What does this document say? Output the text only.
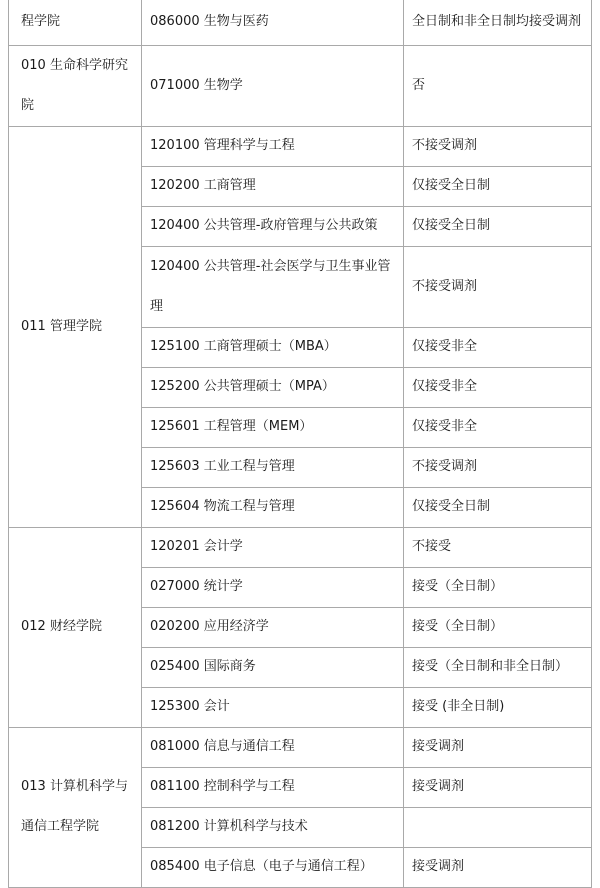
程学院	086000 生物与医药	全日制和非全日制均接受调剂
010 生命科学研究院	071000 生物学	否
011 管理学院	120100 管理科学与工程	不接受调剂
	120200 工商管理	仅接受全日制
	120400 公共管理-政府管理与公共政策	仅接受全日制
	120400 公共管理-社会医学与卫生事业管理	不接受调剂
	125100 工商管理硕士（MBA）	仅接受非全
	125200 公共管理硕士（MPA）	仅接受非全
	125601 工程管理（MEM）	仅接受非全
	125603 工业工程与管理	不接受调剂
	125604 物流工程与管理	仅接受全日制
012 财经学院	120201 会计学	不接受
	027000 统计学	接受（全日制）
	020200 应用经济学	接受（全日制）
	025400 国际商务	接受（全日制和非全日制）
	125300 会计	接受 (非全日制)
013 计算机科学与通信工程学院	081000 信息与通信工程	接受调剂
	081100 控制科学与工程	接受调剂
	081200 计算机科学与技术	
	085400 电子信息（电子与通信工程）	接受调剂
